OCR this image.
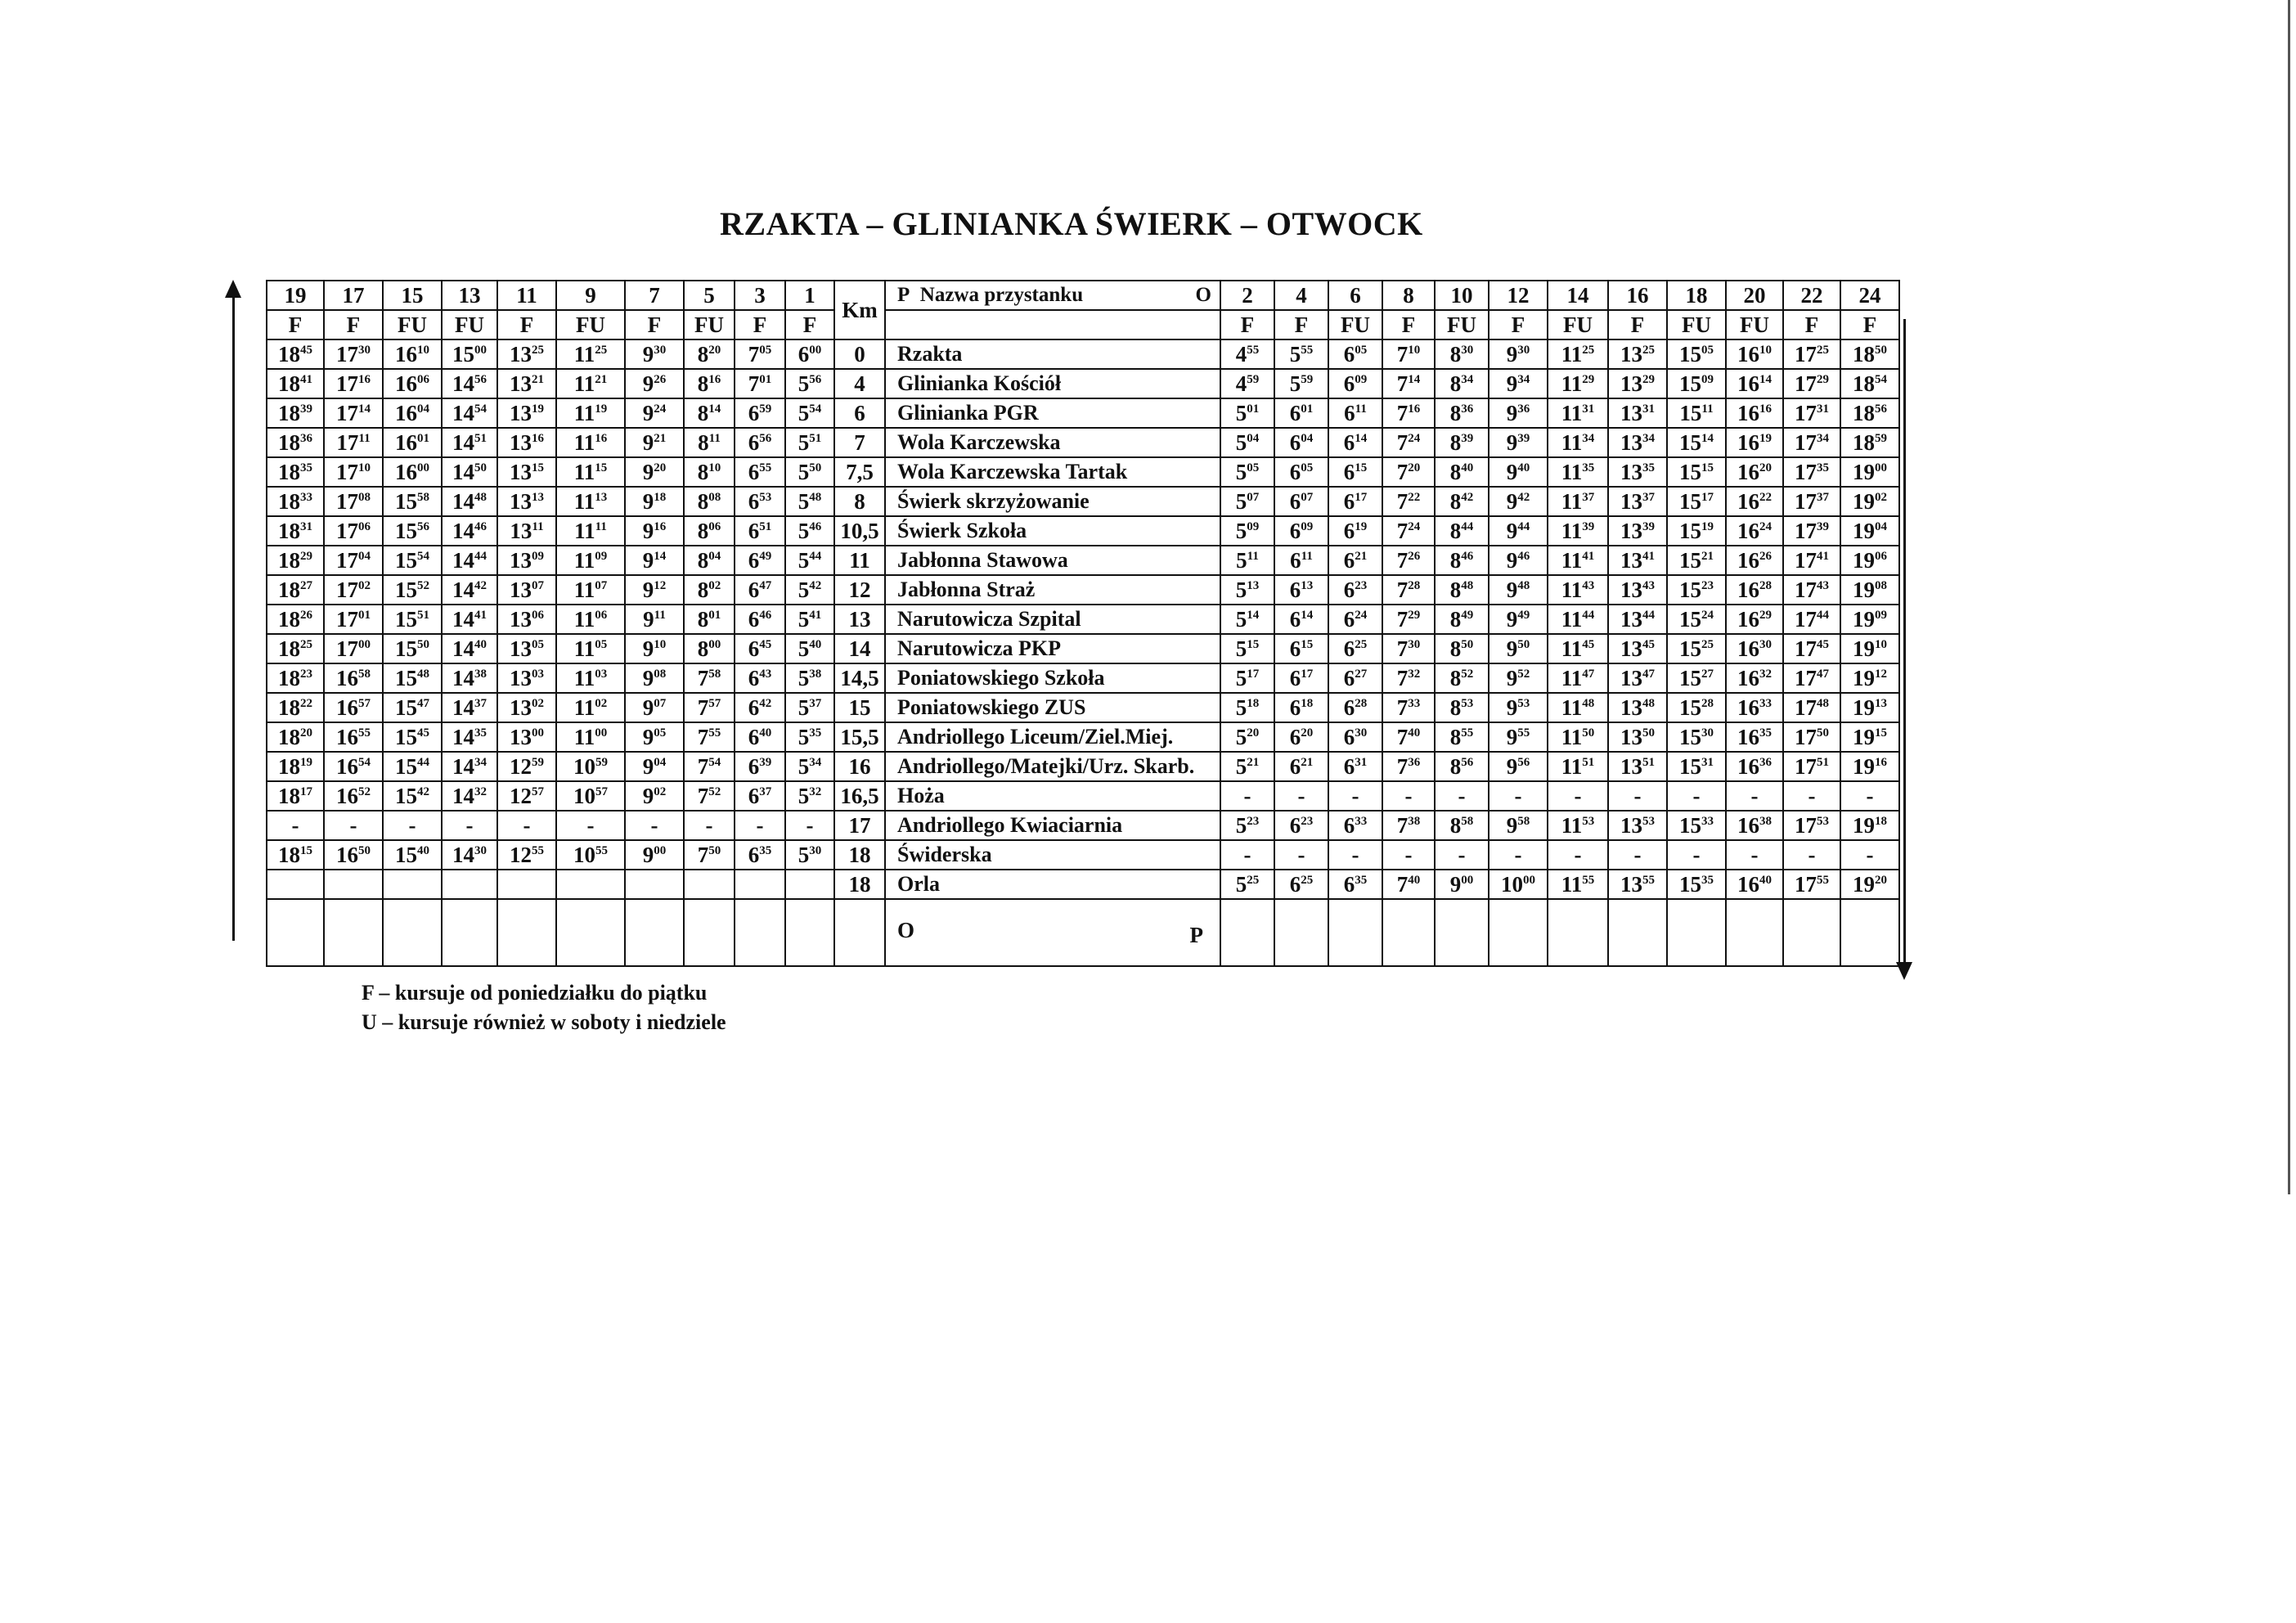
RZAKTA – GLINIANKA ŚWIERK – OTWOCK
19	17	15	13	11	9	7	5	3	1	Km	P Nazwa przystanku O	2	4	6	8	10	12	14	16	18	20	22	24
F	F	FU	FU	F	FU	F	FU	F	F			F	F	FU	F	FU	F	FU	F	FU	FU	F	F
$18^{45}$	$17^{30}$	$16^{10}$	$15^{00}$	$13^{25}$	$11^{25}$	$9^{30}$	$8^{20}$	$7^{05}$	$6^{00}$	0	Rzakta	$4^{55}$	$5^{55}$	$6^{05}$	$7^{10}$	$8^{30}$	$9^{30}$	$11^{25}$	$13^{25}$	$15^{05}$	$16^{10}$	$17^{25}$	$18^{50}$
$18^{41}$	$17^{16}$	$16^{06}$	$14^{56}$	$13^{21}$	$11^{21}$	$9^{26}$	$8^{16}$	$7^{01}$	$5^{56}$	4	Glinianka Kościół	$4^{59}$	$5^{59}$	$6^{09}$	$7^{14}$	$8^{34}$	$9^{34}$	$11^{29}$	$13^{29}$	$15^{09}$	$16^{14}$	$17^{29}$	$18^{54}$
$18^{39}$	$17^{14}$	$16^{04}$	$14^{54}$	$13^{19}$	$11^{19}$	$9^{24}$	$8^{14}$	$6^{59}$	$5^{54}$	6	Glinianka PGR	$5^{01}$	$6^{01}$	$6^{11}$	$7^{16}$	$8^{36}$	$9^{36}$	$11^{31}$	$13^{31}$	$15^{11}$	$16^{16}$	$17^{31}$	$18^{56}$
$18^{36}$	$17^{11}$	$16^{01}$	$14^{51}$	$13^{16}$	$11^{16}$	$9^{21}$	$8^{11}$	$6^{56}$	$5^{51}$	7	Wola Karczewska	$5^{04}$	$6^{04}$	$6^{14}$	$7^{24}$	$8^{39}$	$9^{39}$	$11^{34}$	$13^{34}$	$15^{14}$	$16^{19}$	$17^{34}$	$18^{59}$
$18^{35}$	$17^{10}$	$16^{00}$	$14^{50}$	$13^{15}$	$11^{15}$	$9^{20}$	$8^{10}$	$6^{55}$	$5^{50}$	7,5	Wola Karczewska Tartak	$5^{05}$	$6^{05}$	$6^{15}$	$7^{20}$	$8^{40}$	$9^{40}$	$11^{35}$	$13^{35}$	$15^{15}$	$16^{20}$	$17^{35}$	$19^{00}$
$18^{33}$	$17^{08}$	$15^{58}$	$14^{48}$	$13^{13}$	$11^{13}$	$9^{18}$	$8^{08}$	$6^{53}$	$5^{48}$	8	Świerk skrzyżowanie	$5^{07}$	$6^{07}$	$6^{17}$	$7^{22}$	$8^{42}$	$9^{42}$	$11^{37}$	$13^{37}$	$15^{17}$	$16^{22}$	$17^{37}$	$19^{02}$
$18^{31}$	$17^{06}$	$15^{56}$	$14^{46}$	$13^{11}$	$11^{11}$	$9^{16}$	$8^{06}$	$6^{51}$	$5^{46}$	10,5	Świerk Szkoła	$5^{09}$	$6^{09}$	$6^{19}$	$7^{24}$	$8^{44}$	$9^{44}$	$11^{39}$	$13^{39}$	$15^{19}$	$16^{24}$	$17^{39}$	$19^{04}$
$18^{29}$	$17^{04}$	$15^{54}$	$14^{44}$	$13^{09}$	$11^{09}$	$9^{14}$	$8^{04}$	$6^{49}$	$5^{44}$	11	Jabłonna Stawowa	$5^{11}$	$6^{11}$	$6^{21}$	$7^{26}$	$8^{46}$	$9^{46}$	$11^{41}$	$13^{41}$	$15^{21}$	$16^{26}$	$17^{41}$	$19^{06}$
$18^{27}$	$17^{02}$	$15^{52}$	$14^{42}$	$13^{07}$	$11^{07}$	$9^{12}$	$8^{02}$	$6^{47}$	$5^{42}$	12	Jabłonna Straż	$5^{13}$	$6^{13}$	$6^{23}$	$7^{28}$	$8^{48}$	$9^{48}$	$11^{43}$	$13^{43}$	$15^{23}$	$16^{28}$	$17^{43}$	$19^{08}$
$18^{26}$	$17^{01}$	$15^{51}$	$14^{41}$	$13^{06}$	$11^{06}$	$9^{11}$	$8^{01}$	$6^{46}$	$5^{41}$	13	Narutowicza Szpital	$5^{14}$	$6^{14}$	$6^{24}$	$7^{29}$	$8^{49}$	$9^{49}$	$11^{44}$	$13^{44}$	$15^{24}$	$16^{29}$	$17^{44}$	$19^{09}$
$18^{25}$	$17^{00}$	$15^{50}$	$14^{40}$	$13^{05}$	$11^{05}$	$9^{10}$	$8^{00}$	$6^{45}$	$5^{40}$	14	Narutowicza PKP	$5^{15}$	$6^{15}$	$6^{25}$	$7^{30}$	$8^{50}$	$9^{50}$	$11^{45}$	$13^{45}$	$15^{25}$	$16^{30}$	$17^{45}$	$19^{10}$
$18^{23}$	$16^{58}$	$15^{48}$	$14^{38}$	$13^{03}$	$11^{03}$	$9^{08}$	$7^{58}$	$6^{43}$	$5^{38}$	14,5	Poniatowskiego Szkoła	$5^{17}$	$6^{17}$	$6^{27}$	$7^{32}$	$8^{52}$	$9^{52}$	$11^{47}$	$13^{47}$	$15^{27}$	$16^{32}$	$17^{47}$	$19^{12}$
$18^{22}$	$16^{57}$	$15^{47}$	$14^{37}$	$13^{02}$	$11^{02}$	$9^{07}$	$7^{57}$	$6^{42}$	$5^{37}$	15	Poniatowskiego ZUS	$5^{18}$	$6^{18}$	$6^{28}$	$7^{33}$	$8^{53}$	$9^{53}$	$11^{48}$	$13^{48}$	$15^{28}$	$16^{33}$	$17^{48}$	$19^{13}$
$18^{20}$	$16^{55}$	$15^{45}$	$14^{35}$	$13^{00}$	$11^{00}$	$9^{05}$	$7^{55}$	$6^{40}$	$5^{35}$	15,5	Andriollego Liceum/Ziel.Miej.	$5^{20}$	$6^{20}$	$6^{30}$	$7^{40}$	$8^{55}$	$9^{55}$	$11^{50}$	$13^{50}$	$15^{30}$	$16^{35}$	$17^{50}$	$19^{15}$
$18^{19}$	$16^{54}$	$15^{44}$	$14^{34}$	$12^{59}$	$10^{59}$	$9^{04}$	$7^{54}$	$6^{39}$	$5^{34}$	16	Andriollego/Matejki/Urz. Skarb.	$5^{21}$	$6^{21}$	$6^{31}$	$7^{36}$	$8^{56}$	$9^{56}$	$11^{51}$	$13^{51}$	$15^{31}$	$16^{36}$	$17^{51}$	$19^{16}$
$18^{17}$	$16^{52}$	$15^{42}$	$14^{32}$	$12^{57}$	$10^{57}$	$9^{02}$	$7^{52}$	$6^{37}$	$5^{32}$	16,5	Hoża	-	-	-	-	-	-	-	-	-	-	-	-
-	-	-	-	-	-	-	-	-	-	17	Andriollego Kwiaciarnia	$5^{23}$	$6^{23}$	$6^{33}$	$7^{38}$	$8^{58}$	$9^{58}$	$11^{53}$	$13^{53}$	$15^{33}$	$16^{38}$	$17^{53}$	$19^{18}$
$18^{15}$	$16^{50}$	$15^{40}$	$14^{30}$	$12^{55}$	$10^{55}$	$9^{00}$	$7^{50}$	$6^{35}$	$5^{30}$	18	Świderska	-	-	-	-	-	-	-	-	-	-	-	-
										18	Orla	$5^{25}$	$6^{25}$	$6^{35}$	$7^{40}$	$9^{00}$	$10^{00}$	$11^{55}$	$13^{55}$	$15^{35}$	$16^{40}$	$17^{55}$	$19^{20}$

											O P												

F – kursuje od poniedziałku do piątku
U – kursuje również w soboty i niedziele
